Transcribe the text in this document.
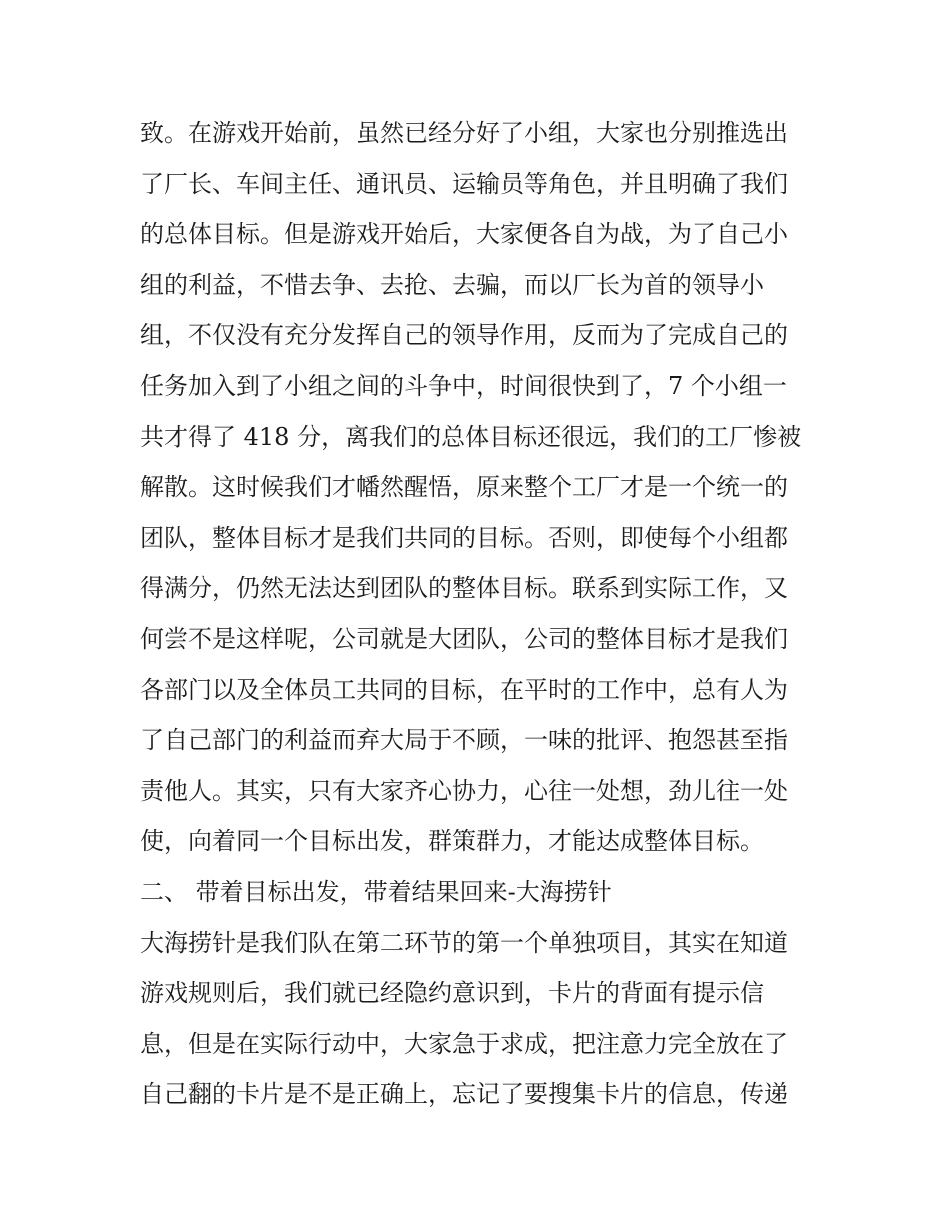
致。在游戏开始前，虽然已经分好了小组，大家也分别推选出
了厂长、车间主任、通讯员、运输员等角色，并且明确了我们
的总体目标。但是游戏开始后，大家便各自为战，为了自己小
组的利益，不惜去争、去抢、去骗，而以厂长为首的领导小
组，不仅没有充分发挥自己的领导作用，反而为了完成自己的
任务加入到了小组之间的斗争中，时间很快到了，7 个小组一
共才得了 418 分，离我们的总体目标还很远，我们的工厂惨被
解散。这时候我们才幡然醒悟，原来整个工厂才是一个统一的
团队，整体目标才是我们共同的目标。否则，即使每个小组都
得满分，仍然无法达到团队的整体目标。联系到实际工作，又
何尝不是这样呢，公司就是大团队，公司的整体目标才是我们
各部门以及全体员工共同的目标，在平时的工作中，总有人为
了自己部门的利益而弃大局于不顾，一味的批评、抱怨甚至指
责他人。其实，只有大家齐心协力，心往一处想，劲儿往一处
使，向着同一个目标出发，群策群力，才能达成整体目标。
二、 带着目标出发，带着结果回来-大海捞针
大海捞针是我们队在第二环节的第一个单独项目，其实在知道
游戏规则后，我们就已经隐约意识到，卡片的背面有提示信
息，但是在实际行动中，大家急于求成，把注意力完全放在了
自己翻的卡片是不是正确上，忘记了要搜集卡片的信息，传递
